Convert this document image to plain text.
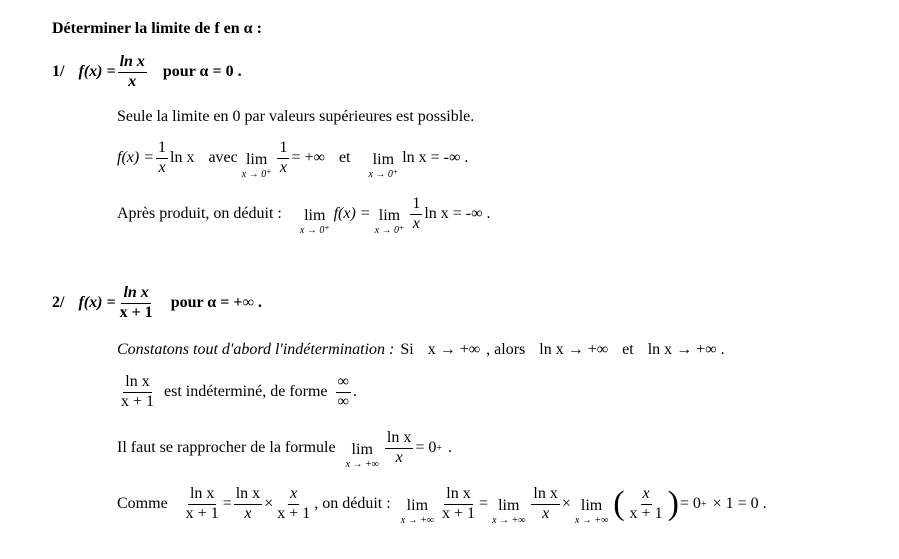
Déterminer la limite de f en α :
1/ $f(x) = \frac{\text{ln x}}{x}$ pour α = 0 .
Seule la limite en 0 par valeurs supérieures est possible.
$f(x) = \frac{1}{x}$ ln x avec lim
$x \to 0^+ \frac{1}{x}$ = +∞ et lim
x → 0⁺
ln x = -∞ .
Après produit, on déduit : lim
x → 0⁺
f(x) = lim
$x \to 0^+ \frac{1}{x}$ ln x = -∞ .
2/ $f(x) = \frac{\text{ln x}}{x + 1}$ pour α = +∞ .
Constatons tout d'abord l'indétermination : Si x → +∞ , alors ln x → +∞ et ln x → +∞ .
$\frac{\text{ln x}}{x + 1}$ est indéterminé, de forme $\frac{\infty}{\infty}$ .
Il faut se rapprocher de la formule lim
x → +∞ $\frac{\text{ln x}}{x} = 0$ + .
Comme $\frac{\text{ln x}}{x + 1} = \frac{\text{ln x}}{x} \times \frac{x}{x + 1}$ , on déduit : lim
x → +∞ $\frac{\text{ln x}}{x + 1} = \lim$
x → +∞ $\frac{\text{ln x}}{x} \times \lim$
x → +∞ ( $\frac{x}{x + 1}$ ) = 0 + × 1 = 0 .
